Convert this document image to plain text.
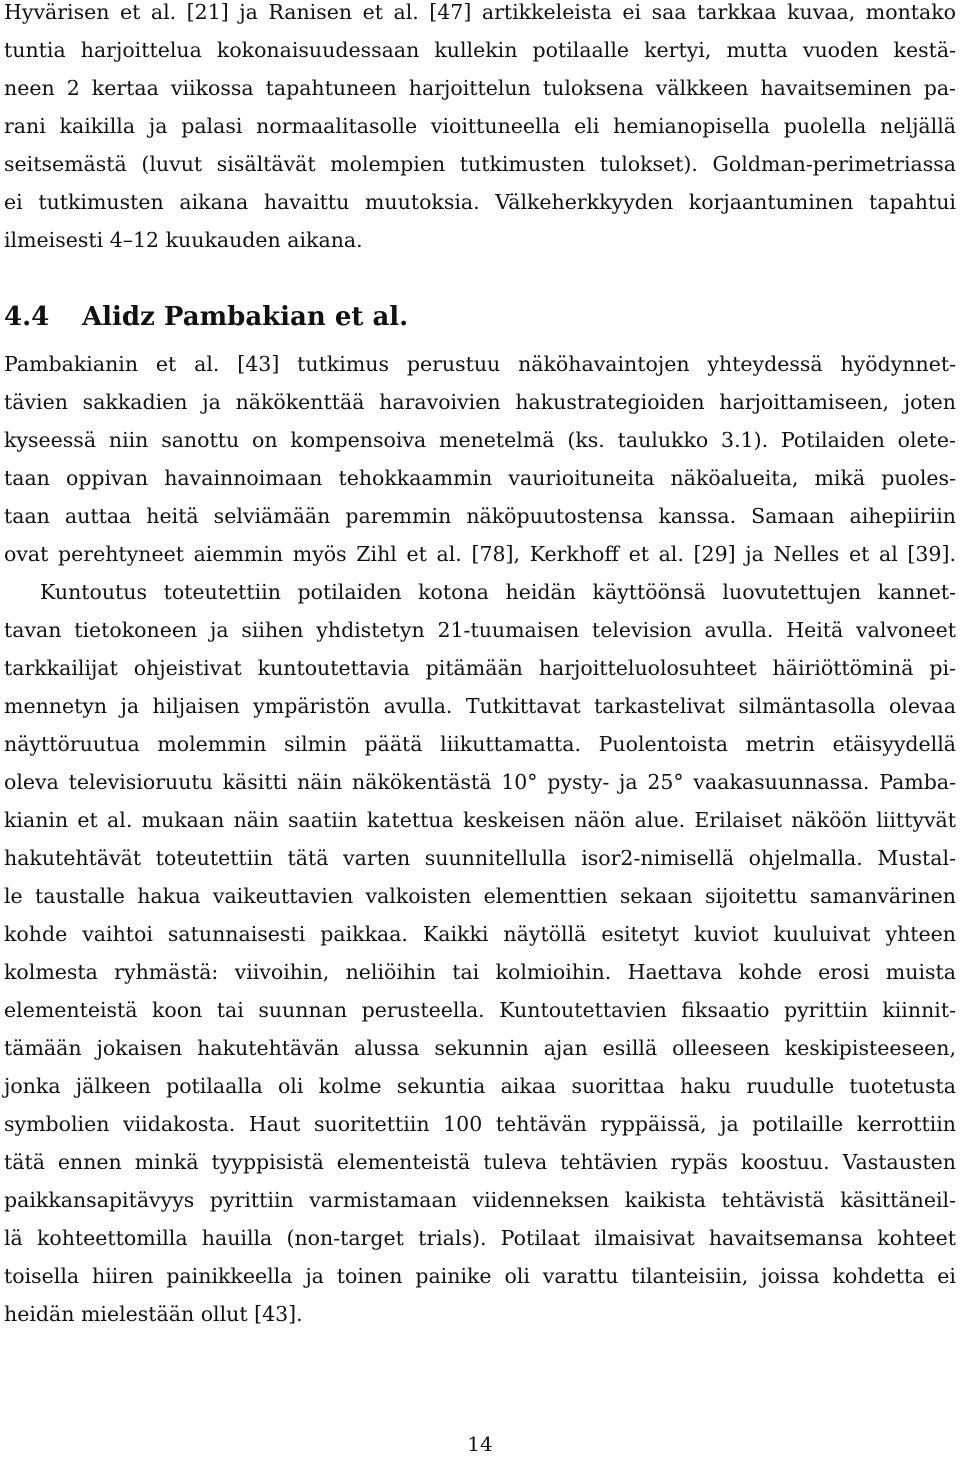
Hyvärisen et al. [21] ja Ranisen et al. [47] artikkeleista ei saa tarkkaa kuvaa, montako
tuntia harjoittelua kokonaisuudessaan kullekin potilaalle kertyi, mutta vuoden kestä-
neen 2 kertaa viikossa tapahtuneen harjoittelun tuloksena välkkeen havaitseminen pa-
rani kaikilla ja palasi normaalitasolle vioittuneella eli hemianopisella puolella neljällä
seitsemästä (luvut sisältävät molempien tutkimusten tulokset). Goldman-perimetriassa
ei tutkimusten aikana havaittu muutoksia. Välkeherkkyyden korjaantuminen tapahtui
ilmeisesti 4–12 kuukauden aikana.
4.4 Alidz Pambakian et al.
Pambakianin et al. [43] tutkimus perustuu näköhavaintojen yhteydessä hyödynnet-
tävien sakkadien ja näkökenttää haravoivien hakustrategioiden harjoittamiseen, joten
kyseessä niin sanottu on kompensoiva menetelmä (ks. taulukko 3.1). Potilaiden olete-
taan oppivan havainnoimaan tehokkaammin vaurioituneita näköalueita, mikä puoles-
taan auttaa heitä selviämään paremmin näköpuutostensa kanssa. Samaan aihepiiriin
ovat perehtyneet aiemmin myös Zihl et al. [78], Kerkhoff et al. [29] ja Nelles et al [39].
Kuntoutus toteutettiin potilaiden kotona heidän käyttöönsä luovutettujen kannet-
tavan tietokoneen ja siihen yhdistetyn 21-tuumaisen television avulla. Heitä valvoneet
tarkkailijat ohjeistivat kuntoutettavia pitämään harjoitteluolosuhteet häiriöttöminä pi-
mennetyn ja hiljaisen ympäristön avulla. Tutkittavat tarkastelivat silmäntasolla olevaa
näyttöruutua molemmin silmin päätä liikuttamatta. Puolentoista metrin etäisyydellä
oleva televisioruutu käsitti näin näkökentästä 10° pysty- ja 25° vaakasuunnassa. Pamba-
kianin et al. mukaan näin saatiin katettua keskeisen näön alue. Erilaiset näköön liittyvät
hakutehtävät toteutettiin tätä varten suunnitellulla isor2-nimisellä ohjelmalla. Mustal-
le taustalle hakua vaikeuttavien valkoisten elementtien sekaan sijoitettu samanvärinen
kohde vaihtoi satunnaisesti paikkaa. Kaikki näytöllä esitetyt kuviot kuuluivat yhteen
kolmesta ryhmästä: viivoihin, neliöihin tai kolmioihin. Haettava kohde erosi muista
elementeistä koon tai suunnan perusteella. Kuntoutettavien fiksaatio pyrittiin kiinnit-
tämään jokaisen hakutehtävän alussa sekunnin ajan esillä olleeseen keskipisteeseen,
jonka jälkeen potilaalla oli kolme sekuntia aikaa suorittaa haku ruudulle tuotetusta
symbolien viidakosta. Haut suoritettiin 100 tehtävän ryppäissä, ja potilaille kerrottiin
tätä ennen minkä tyyppisistä elementeistä tuleva tehtävien rypäs koostuu. Vastausten
paikkansapitävyys pyrittiin varmistamaan viidenneksen kaikista tehtävistä käsittäneil-
lä kohteettomilla hauilla (non-target trials). Potilaat ilmaisivat havaitsemansa kohteet
toisella hiiren painikkeella ja toinen painike oli varattu tilanteisiin, joissa kohdetta ei
heidän mielestään ollut [43].
14
